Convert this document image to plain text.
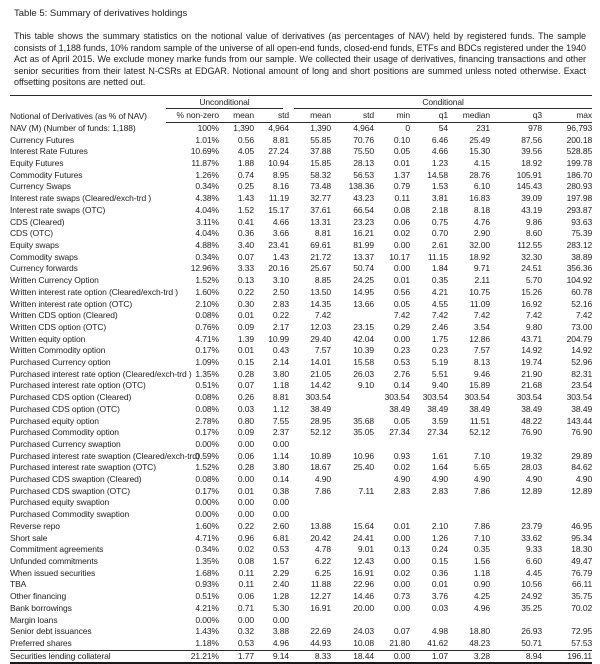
Table 5: Summary of derivatives holdings

This table shows the summary statistics on the notional value of derivatives (as percentages of NAV) held by registered funds. The sample consists of 1,188 funds, 10% random sample of the universe of all open-end funds, closed-end funds, ETFs and BDCs registered under the 1940 Act as of April 2015. We exclude money marke funds from our sample. We collected their usage of derivatives, financing transactions and other senior securities from their latest N-CSRs at EDGAR. Notional amount of long and short positions are summed unless noted otherwise. Exact offsetting positons are netted out.

	Unconditional			Conditional						

Notional of Derivatives (as % of NAV)	% non-zero	mean	std	mean	std	min	q1	median	q3	max
NAV (M) (Number of funds: 1,188)	100%	1,390	4,964	1,390	4,964	0	54	231	978	96,793
Currency Futures	1.01%	0.56	8.81	55.85	70.76	0.10	6.46	25.49	87.56	200.18
Interest Rate Futures	10.69%	4.05	27.24	37.88	75.50	0.05	4.66	15.30	39.56	528.85
Equity Futures	11.87%	1.88	10.94	15.85	28.13	0.01	1.23	4.15	18.92	199.78
Commodity Futures	1.26%	0.74	8.95	58.32	56.53	1.37	14.58	28.76	105.91	186.70
Currency Swaps	0.34%	0.25	8.16	73.48	138.36	0.79	1.53	6.10	145.43	280.93
Interest rate swaps (Cleared/exch-trd )	4.38%	1.43	11.19	32.77	43.23	0.11	3.81	16.83	39.09	197.98
Interest rate swaps (OTC)	4.04%	1.52	15.17	37.61	66.54	0.08	2.18	8.18	43.19	293.87
CDS (Cleared)	3.11%	0.41	4.66	13.31	23.23	0.06	0.75	4.76	9.86	93.63
CDS (OTC)	4.04%	0.36	3.66	8.81	16.21	0.02	0.70	2.90	8.60	75.39
Equity swaps	4.88%	3.40	23.41	69.61	81.99	0.00	2.61	32.00	112.55	283.12
Commodity swaps	0.34%	0.07	1.43	21.72	13.37	10.17	11.15	18.92	32.30	38.89
Currency forwards	12.96%	3.33	20.16	25.67	50.74	0.00	1.84	9.71	24.51	356.36
Written Currency Option	1.52%	0.13	3.10	8.85	24.25	0.01	0.35	2.11	5.70	104.92
Written interest rate option (Cleared/exch-trd )	1.60%	0.22	2.50	13.50	14.95	0.56	4.21	10.75	15.26	60.78
Written interest rate option (OTC)	2.10%	0.30	2.83	14.35	13.66	0.05	4.55	11.09	16.92	52.16
Written CDS option (Cleared)	0.08%	0.01	0.22	7.42		7.42	7.42	7.42	7.42	7.42
Written CDS option (OTC)	0.76%	0.09	2.17	12.03	23.15	0.29	2.46	3.54	9.80	73.00
Written equity option	4.71%	1.39	10.99	29.40	42.04	0.00	1.75	12.86	43.71	204.79
Written Commodity option	0.17%	0.01	0.43	7.57	10.39	0.23	0.23	7.57	14.92	14.92
Purchased Currency option	1.09%	0.15	2.14	14.01	15.58	0.53	5.19	8.13	19.74	52.96
Purchased interest rate option (Cleared/exch-trd )	1.35%	0.28	3.80	21.05	26.03	2.76	5.51	9.46	21.90	82.31
Purchased interest rate option (OTC)	0.51%	0.07	1.18	14.42	9.10	0.14	9.40	15.89	21.68	23.54
Purchased CDS option (Cleared)	0.08%	0.26	8.81	303.54		303.54	303.54	303.54	303.54	303.54
Purchased CDS option (OTC)	0.08%	0.03	1.12	38.49		38.49	38.49	38.49	38.49	38.49
Purchased equity option	2.78%	0.80	7.55	28.95	35.68	0.05	3.59	11.51	48.22	143.44
Purchased Commodity option	0.17%	0.09	2.37	52.12	35.05	27.34	27.34	52.12	76.90	76.90
Purchased Currency swaption	0.00%	0.00	0.00							
Purchased interest rate swaption (Cleared/exch-trd)	0.59%	0.06	1.14	10.89	10.96	0.93	1.61	7.10	19.32	29.89
Purchased interest rate swaption (OTC)	1.52%	0.28	3.80	18.67	25.40	0.02	1.64	5.65	28.03	84.62
Purchased CDS swaption (Cleared)	0.08%	0.00	0.14	4.90		4.90	4.90	4.90	4.90	4.90
Purchased CDS swaption (OTC)	0.17%	0.01	0.38	7.86	7.11	2.83	2.83	7.86	12.89	12.89
Purchased equity swaption	0.00%	0.00	0.00							
Purchased Commodity swaption	0.00%	0.00	0.00							
Reverse repo	1.60%	0.22	2.60	13.88	15.64	0.01	2.10	7.86	23.79	46.95
Short sale	4.71%	0.96	6.81	20.42	24.41	0.00	1.26	7.10	33.62	95.34
Commitment agreements	0.34%	0.02	0.53	4.78	9.01	0.13	0.24	0.35	9.33	18.30
Unfunded commitments	1.35%	0.08	1.57	6.22	12.43	0.00	0.15	1.56	6.60	49.47
When issued securities	1.68%	0.11	2.29	6.25	16.91	0.02	0.36	1.18	4.45	76.79
TBA	0.93%	0.11	2.40	11.88	22.96	0.00	0.01	0.90	10.56	66.11
Other financing	0.51%	0.06	1.28	12.27	14.46	0.73	3.76	4.25	24.92	35.75
Bank borrowings	4.21%	0.71	5.30	16.91	20.00	0.00	0.03	4.96	35.25	70.02
Margin loans	0.00%	0.00	0.00							
Senior debt issuances	1.43%	0.32	3.88	22.69	24.03	0.07	4.98	18.80	26.93	72.95
Preferred shares	1.18%	0.53	4.96	44.93	10.08	21.80	41.62	48.23	50.71	57.53
Securities lending collateral	21.21%	1.77	9.14	8.33	18.44	0.00	1.07	3.28	8.94	196.11
